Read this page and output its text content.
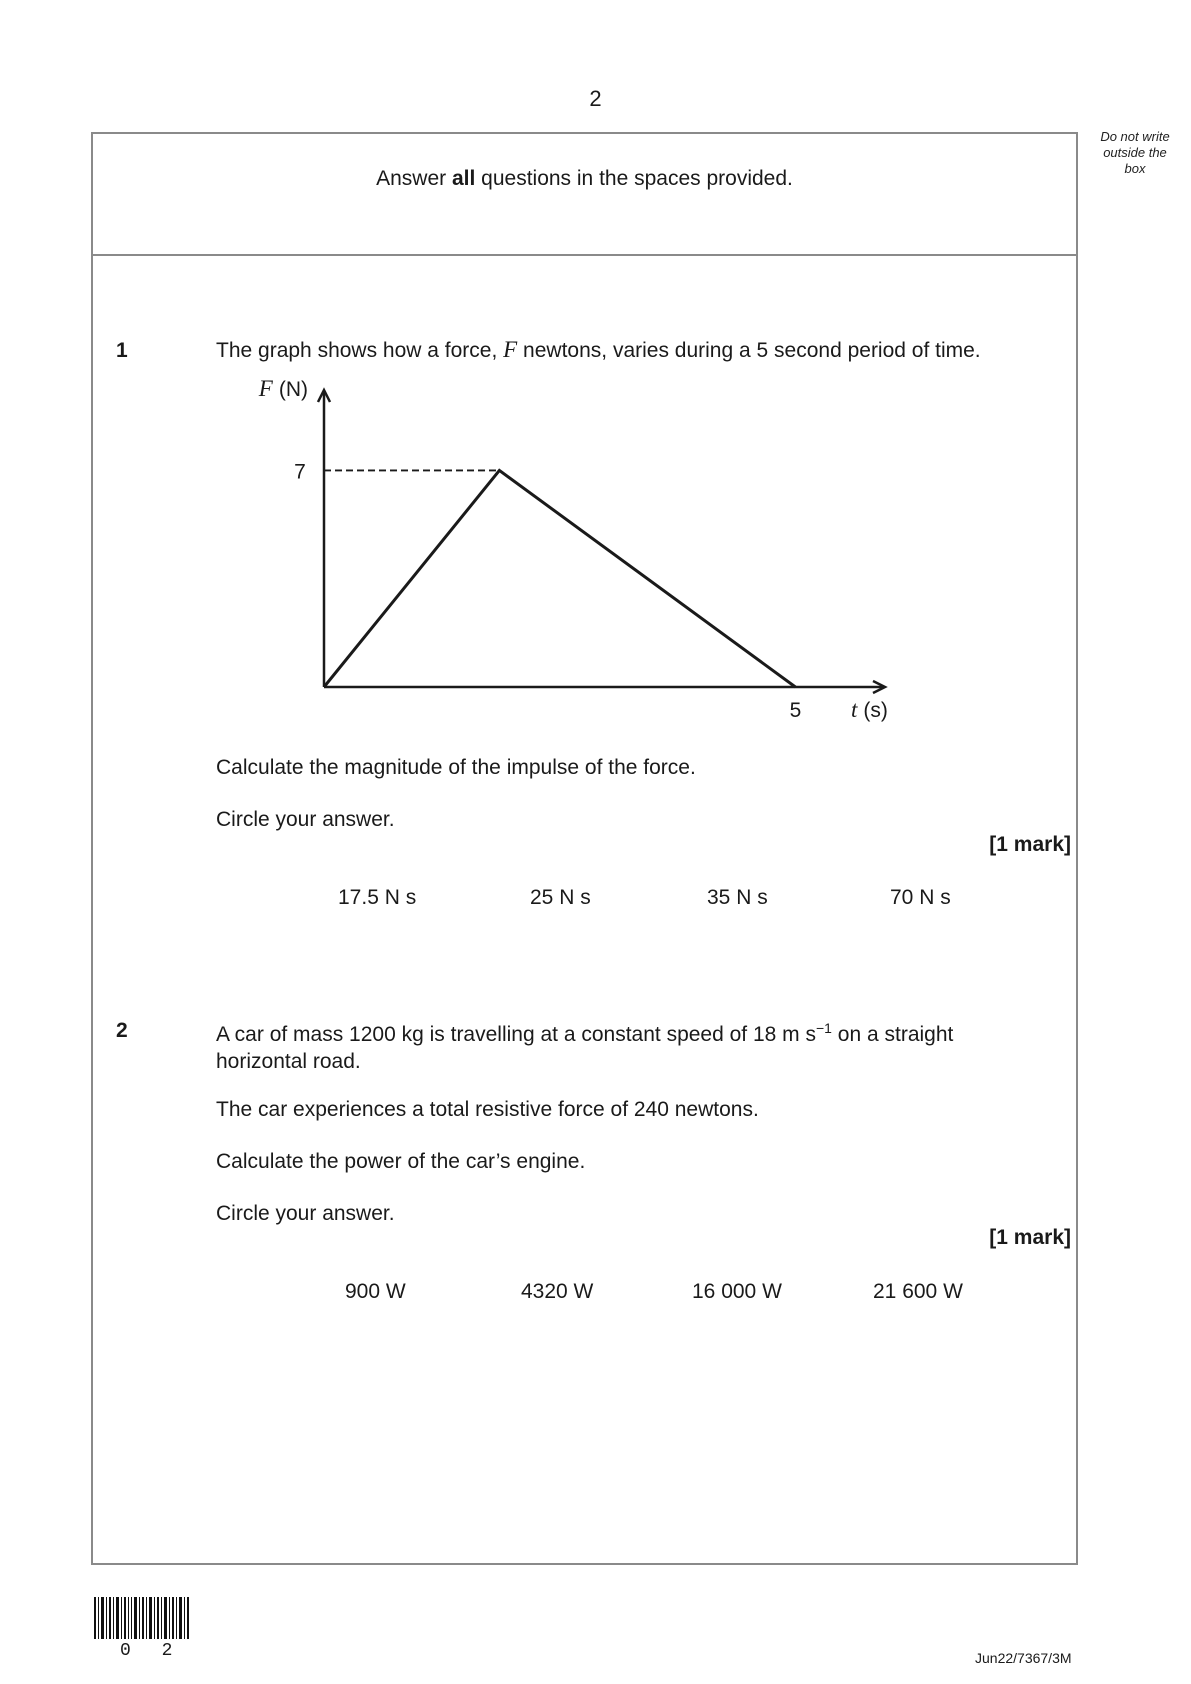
2
Do not write
outside the
box
Answer all questions in the spaces provided.
1	The graph shows how a force, F newtons, varies during a 5 second period of time.
7
5
F (N)
t (s)
Calculate the magnitude of the impulse of the force.
Circle your answer.
[1 mark]
17.5 N s	25 N s	35 N s	70 N s
2	A car of mass 1200 kg is travelling at a constant speed of 18 m $s^{-1}$ on a straight
horizontal road.
The car experiences a total resistive force of 240 newtons.
Calculate the power of the car’s engine.
Circle your answer.
[1 mark]
900 W	4320 W	16 000 W	21 600 W
0 2	Jun22/7367/3M
